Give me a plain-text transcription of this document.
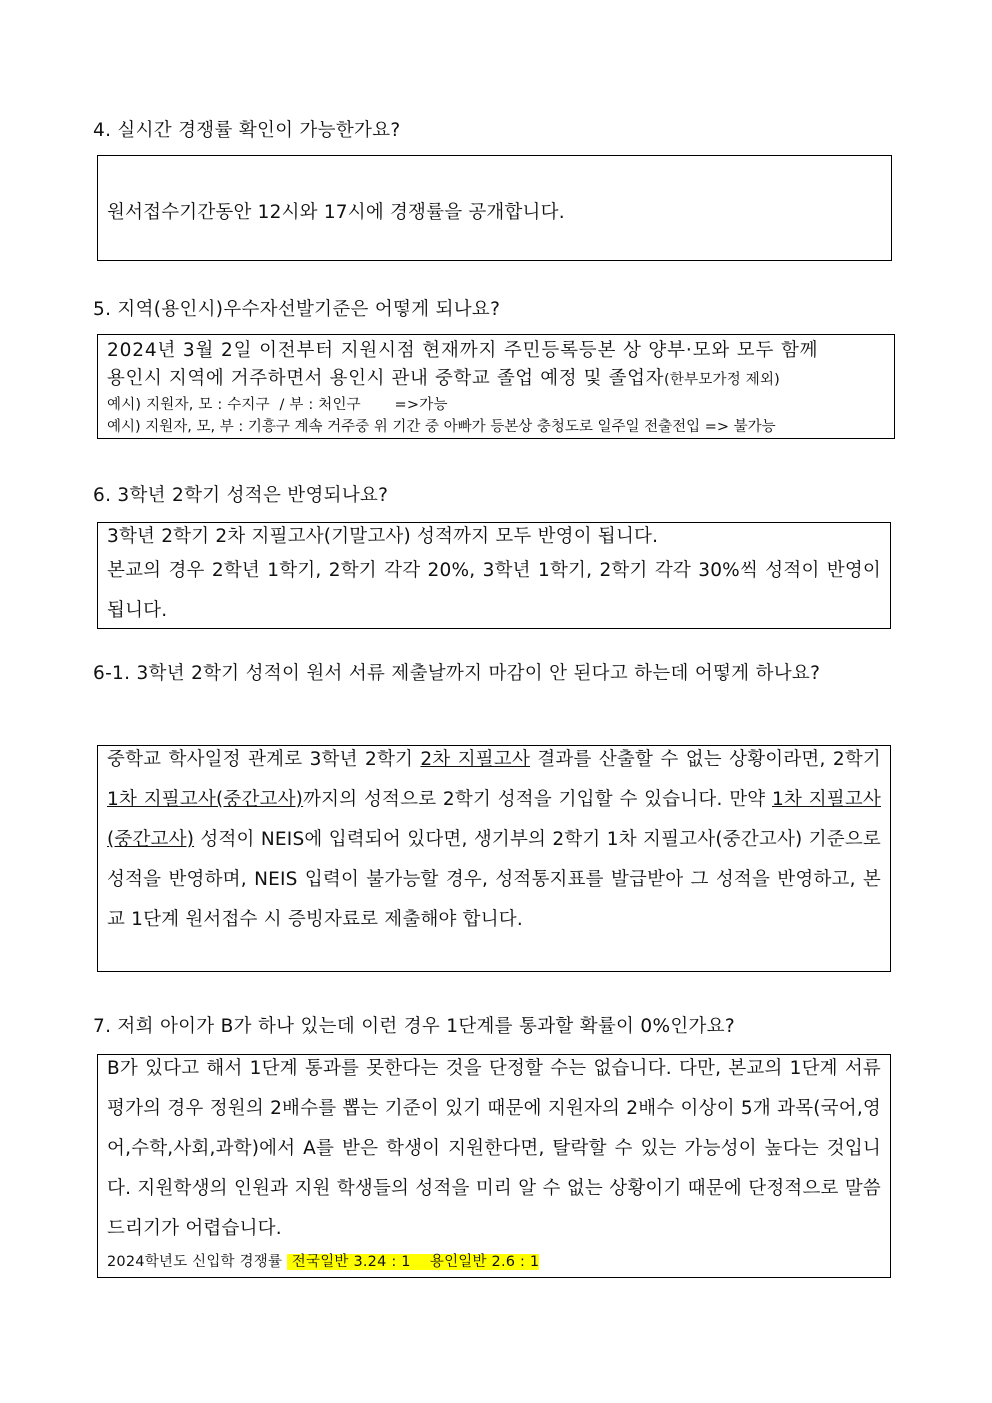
4. 실시간 경쟁률 확인이 가능한가요?

원서접수기간동안 12시와 17시에 경쟁률을 공개합니다.

5. 지역(용인시)우수자선발기준은 어떻게 되나요?

2024년 3월 2일 이전부터 지원시점 현재까지 주민등록등본 상 양부·모와 모두 함께

용인시 지역에 거주하면서 용인시 관내 중학교 졸업 예정 및 졸업자(한부모가정 제외)

예시) 지원자, 모 : 수지구  / 부 : 처인구       =>가능

예시) 지원자, 모, 부 : 기흥구 계속 거주중 위 기간 중 아빠가 등본상 충청도로 일주일 전출전입 => 불가능

6. 3학년 2학기 성적은 반영되나요?

3학년 2학기 2차 지필고사(기말고사) 성적까지 모두 반영이 됩니다.

본교의 경우 2학년 1학기, 2학기 각각 20%, 3학년 1학기, 2학기 각각 30%씩 성적이 반영이 됩니다.

6-1. 3학년 2학기 성적이 원서 서류 제출날까지 마감이 안 된다고 하는데 어떻게 하나요?

중학교 학사일정 관계로 3학년 2학기 2차 지필고사 결과를 산출할 수 없는 상황이라면, 2학기 1차 지필고사(중간고사)까지의 성적으로 2학기 성적을 기입할 수 있습니다. 만약 1차 지필고사(중간고사) 성적이 NEIS에 입력되어 있다면, 생기부의 2학기 1차 지필고사(중간고사) 기준으로 성적을 반영하며, NEIS 입력이 불가능할 경우, 성적통지표를 발급받아 그 성적을 반영하고, 본교 1단계 원서접수 시 증빙자료로 제출해야 합니다.

7. 저희 아이가 B가 하나 있는데 이런 경우 1단계를 통과할 확률이 0%인가요?

B가 있다고 해서 1단계 통과를 못한다는 것을 단정할 수는 없습니다. 다만, 본교의 1단계 서류평가의 경우 정원의 2배수를 뽑는 기준이 있기 때문에 지원자의 2배수 이상이 5개 과목(국어,영어,수학,사회,과학)에서 A를 받은 학생이 지원한다면, 탈락할 수 있는 가능성이 높다는 것입니다. 지원학생의 인원과 지원 학생들의 성적을 미리 알 수 없는 상황이기 때문에 단정적으로 말씀드리기가 어렵습니다.

2024학년도 신입학 경쟁률  전국일반 3.24 : 1    용인일반 2.6 : 1
